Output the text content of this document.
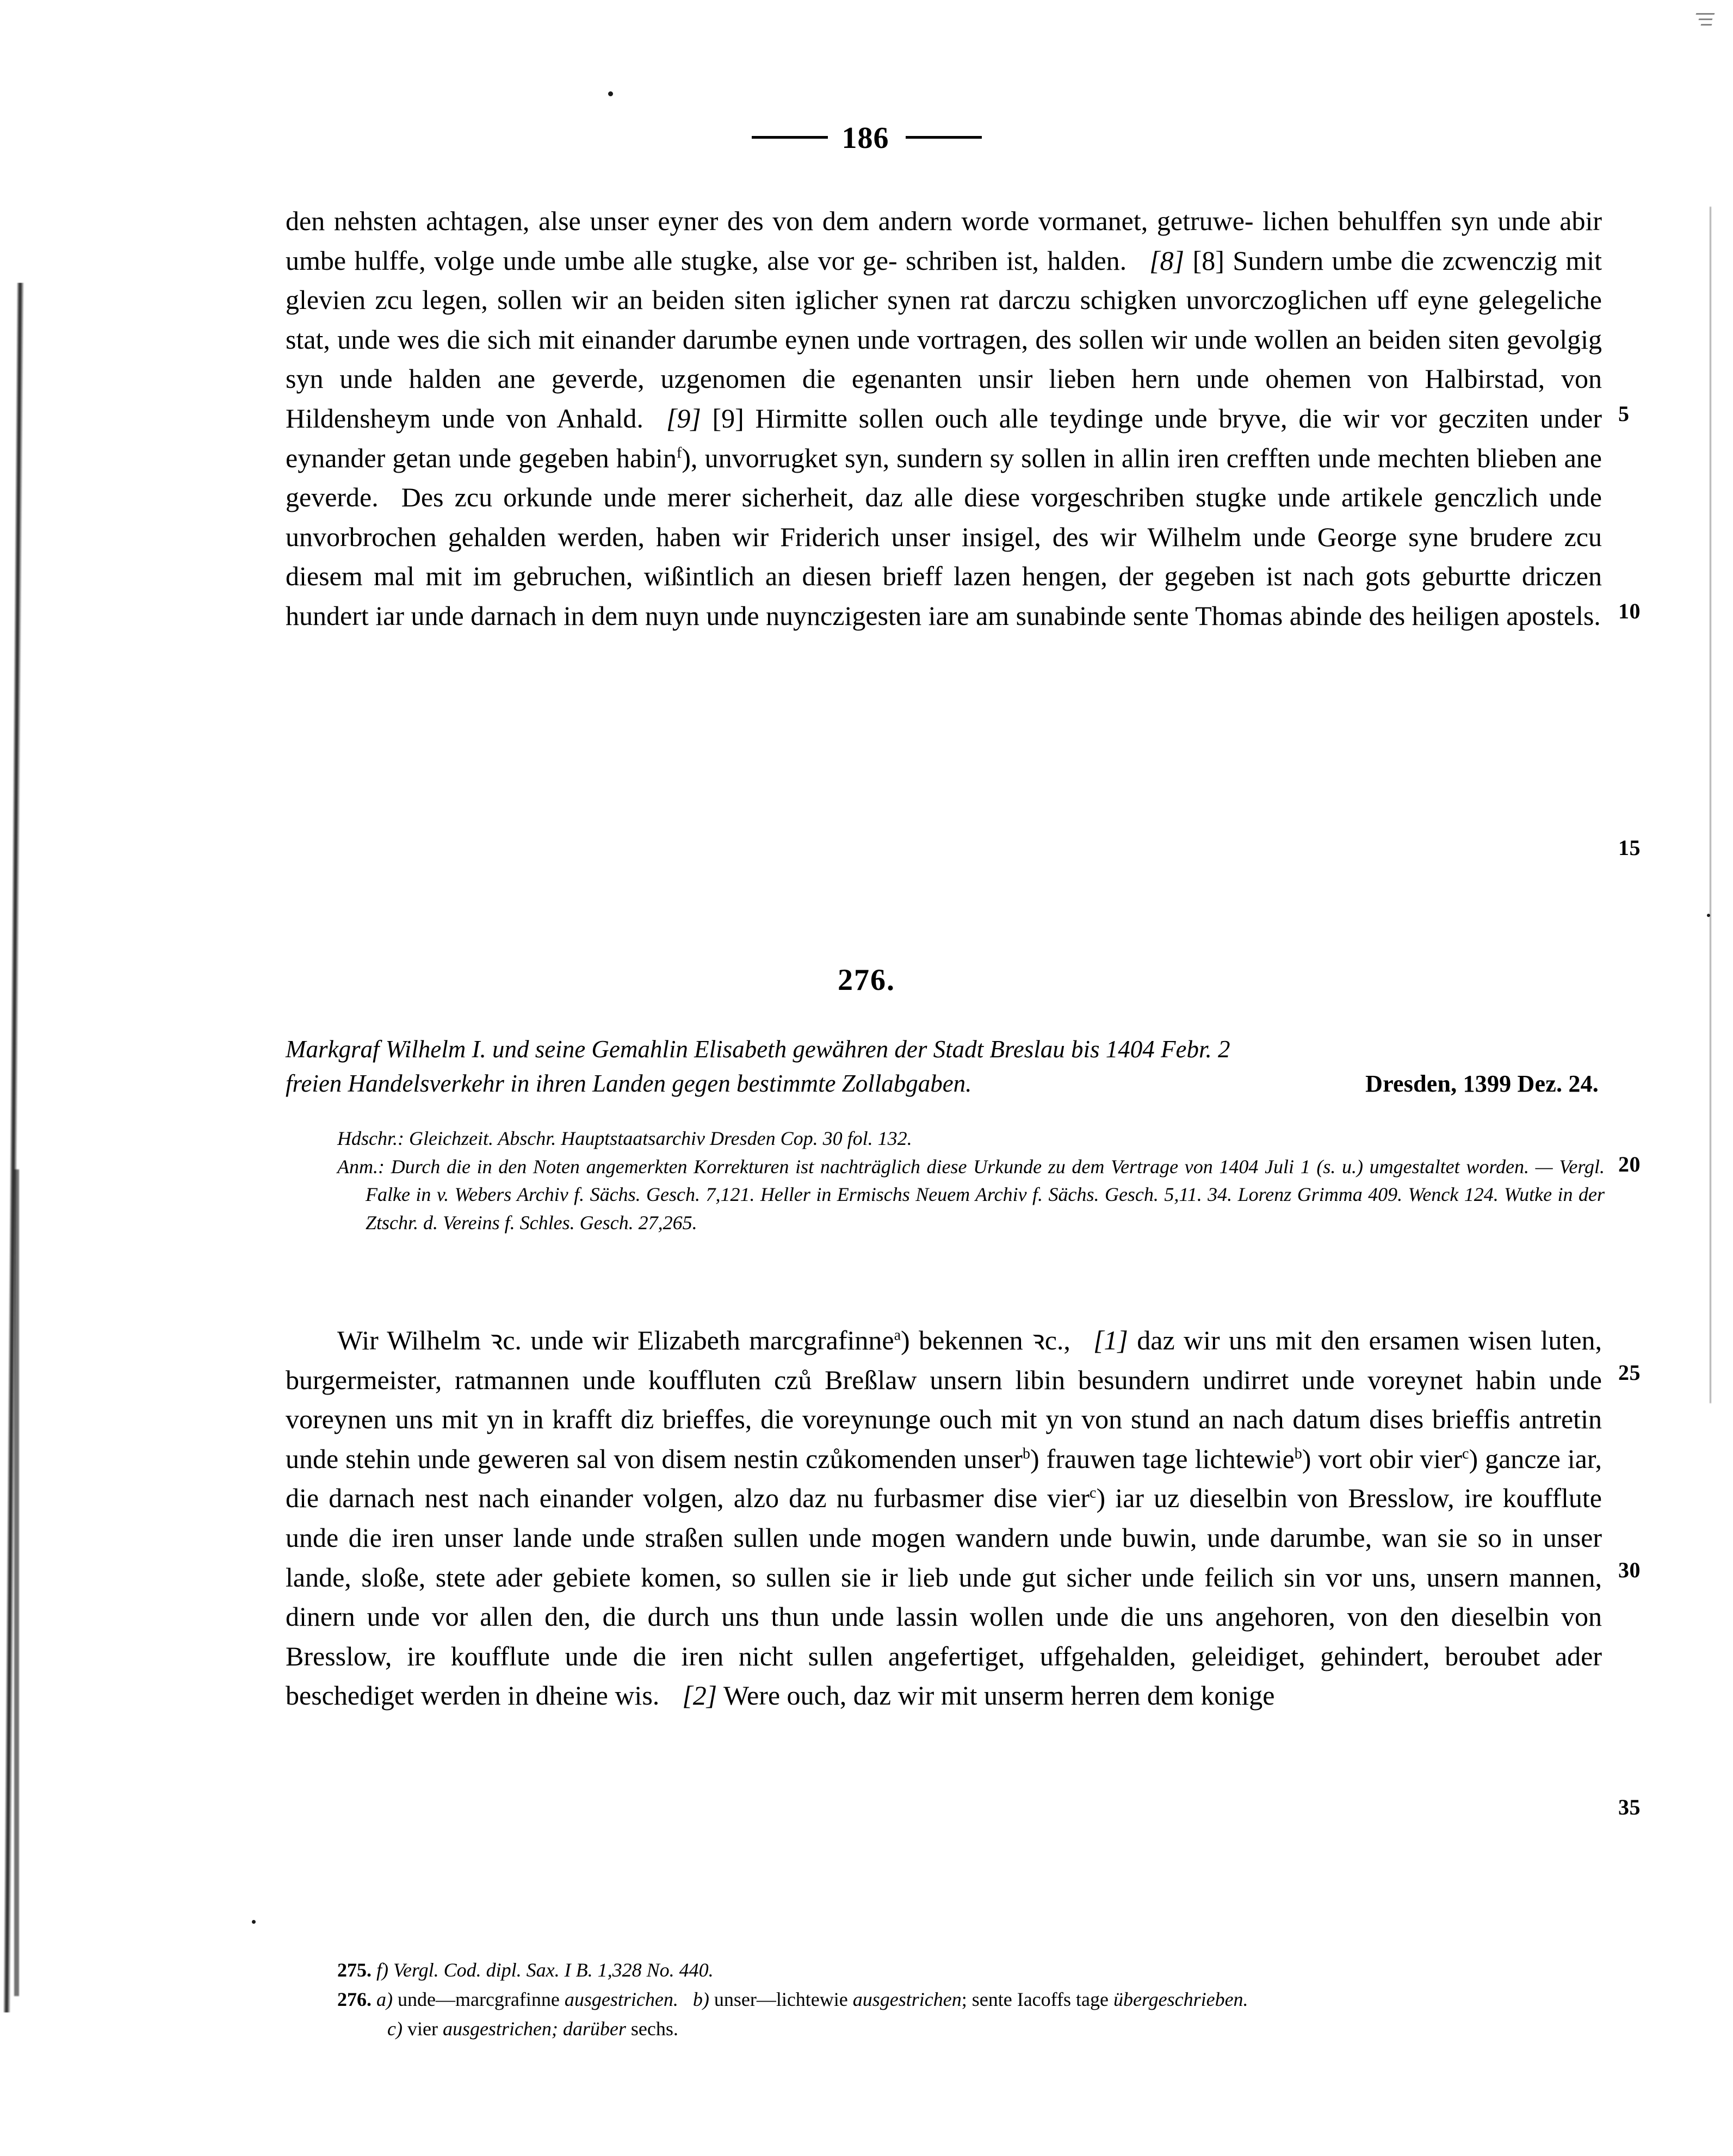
186

den nehsten achtagen, alse unser eyner des von dem andern worde vormanet, getruwe- lichen behulffen syn unde abir umbe hulffe, volge unde umbe alle stugke, alse vor ge- schriben ist, halden. [8] [8] Sundern umbe die zcwenczig mit glevien zcu legen, sollen wir an beiden siten iglicher synen rat darczu schigken unvorczoglichen uff eyne gelegeliche stat, unde wes die sich mit einander darumbe eynen unde vortragen, des sollen wir unde wollen an beiden siten gevolgig syn unde halden ane geverde, uzgenomen die egenanten unsir lieben hern unde ohemen von Halbirstad, von Hildensheym unde von Anhald. [9] [9] Hirmitte sollen ouch alle teydinge unde bryve, die wir vor gecziten under eynander getan unde gegeben habin$^f$), unvorrugket syn, sundern sy sollen in allin iren crefften unde mechten blieben ane geverde. Des zcu orkunde unde merer sicherheit, daz alle diese vorgeschriben stugke unde artikele genczlich unde unvorbrochen gehalden werden, haben wir Friderich unser insigel, des wir Wilhelm unde George syne brudere zcu diesem mal mit im gebruchen, wißintlich an diesen brieff lazen hengen, der gegeben ist nach gots geburtte driczen hundert iar unde darnach in dem nuyn unde nuynczigesten iare am sunabinde sente Thomas abinde des heiligen apostels.

276.
Markgraf Wilhelm I. und seine Gemahlin Elisabeth gewähren der Stadt Breslau bis 1404 Febr. 2
freien Handelsverkehr in ihren Landen gegen bestimmte Zollabgaben.	Dresden, 1399 Dez. 24.
Hdschr.: Gleichzeit. Abschr. Hauptstaatsarchiv Dresden Cop. 30 fol. 132.
Anm.: Durch die in den Noten angemerkten Korrekturen ist nachträglich diese Urkunde zu dem Vertrage von 1404 Juli 1 (s. u.) umgestaltet worden. — Vergl. Falke in v. Webers Archiv f. Sächs. Gesch. 7,121. Heller in Ermischs Neuem Archiv f. Sächs. Gesch. 5,11. 34. Lorenz Grimma 409. Wenck 124. Wutke in der Ztschr. d. Vereins f. Schles. Gesch. 27,265.

Wir Wilhelm ꝛc. unde wir Elizabeth marcgrafinne$^a$) bekennen ꝛc., [1] daz wir uns mit den ersamen wisen luten, burgermeister, ratmannen unde kouffluten czů Breßlaw unsern libin besundern undirret unde voreynet habin unde voreynen uns mit yn in krafft diz brieffes, die voreynunge ouch mit yn von stund an nach datum dises brieffis antretin unde stehin unde geweren sal von disem nestin czůkomenden unser$^b$) frauwen tage lichtewie$^b$) vort obir vier$^c$) gancze iar, die darnach nest nach einander volgen, alzo daz nu furbasmer dise vier$^c$) iar uz dieselbin von Bresslow, ire koufflute unde die iren unser lande unde straßen sullen unde mogen wandern unde buwin, unde darumbe, wan sie so in unser lande, sloße, stete ader gebiete komen, so sullen sie ir lieb unde gut sicher unde feilich sin vor uns, unsern mannen, dinern unde vor allen den, die durch uns thun unde lassin wollen unde die uns angehoren, von den dieselbin von Bresslow, ire koufflute unde die iren nicht sullen angefertiget, uffgehalden, geleidiget, gehindert, beroubet ader beschediget werden in dheine wis. [2] Were ouch, daz wir mit unserm herren dem konige

275. f) Vergl. Cod. dipl. Sax. I B. 1,328 No. 440.
276. a) unde—marcgrafinne ausgestrichen. b) unser—lichtewie ausgestrichen; sente Iacoffs tage übergeschrieben.
c) vier ausgestrichen; darüber sechs.
5
10
15
20
25
30
35
